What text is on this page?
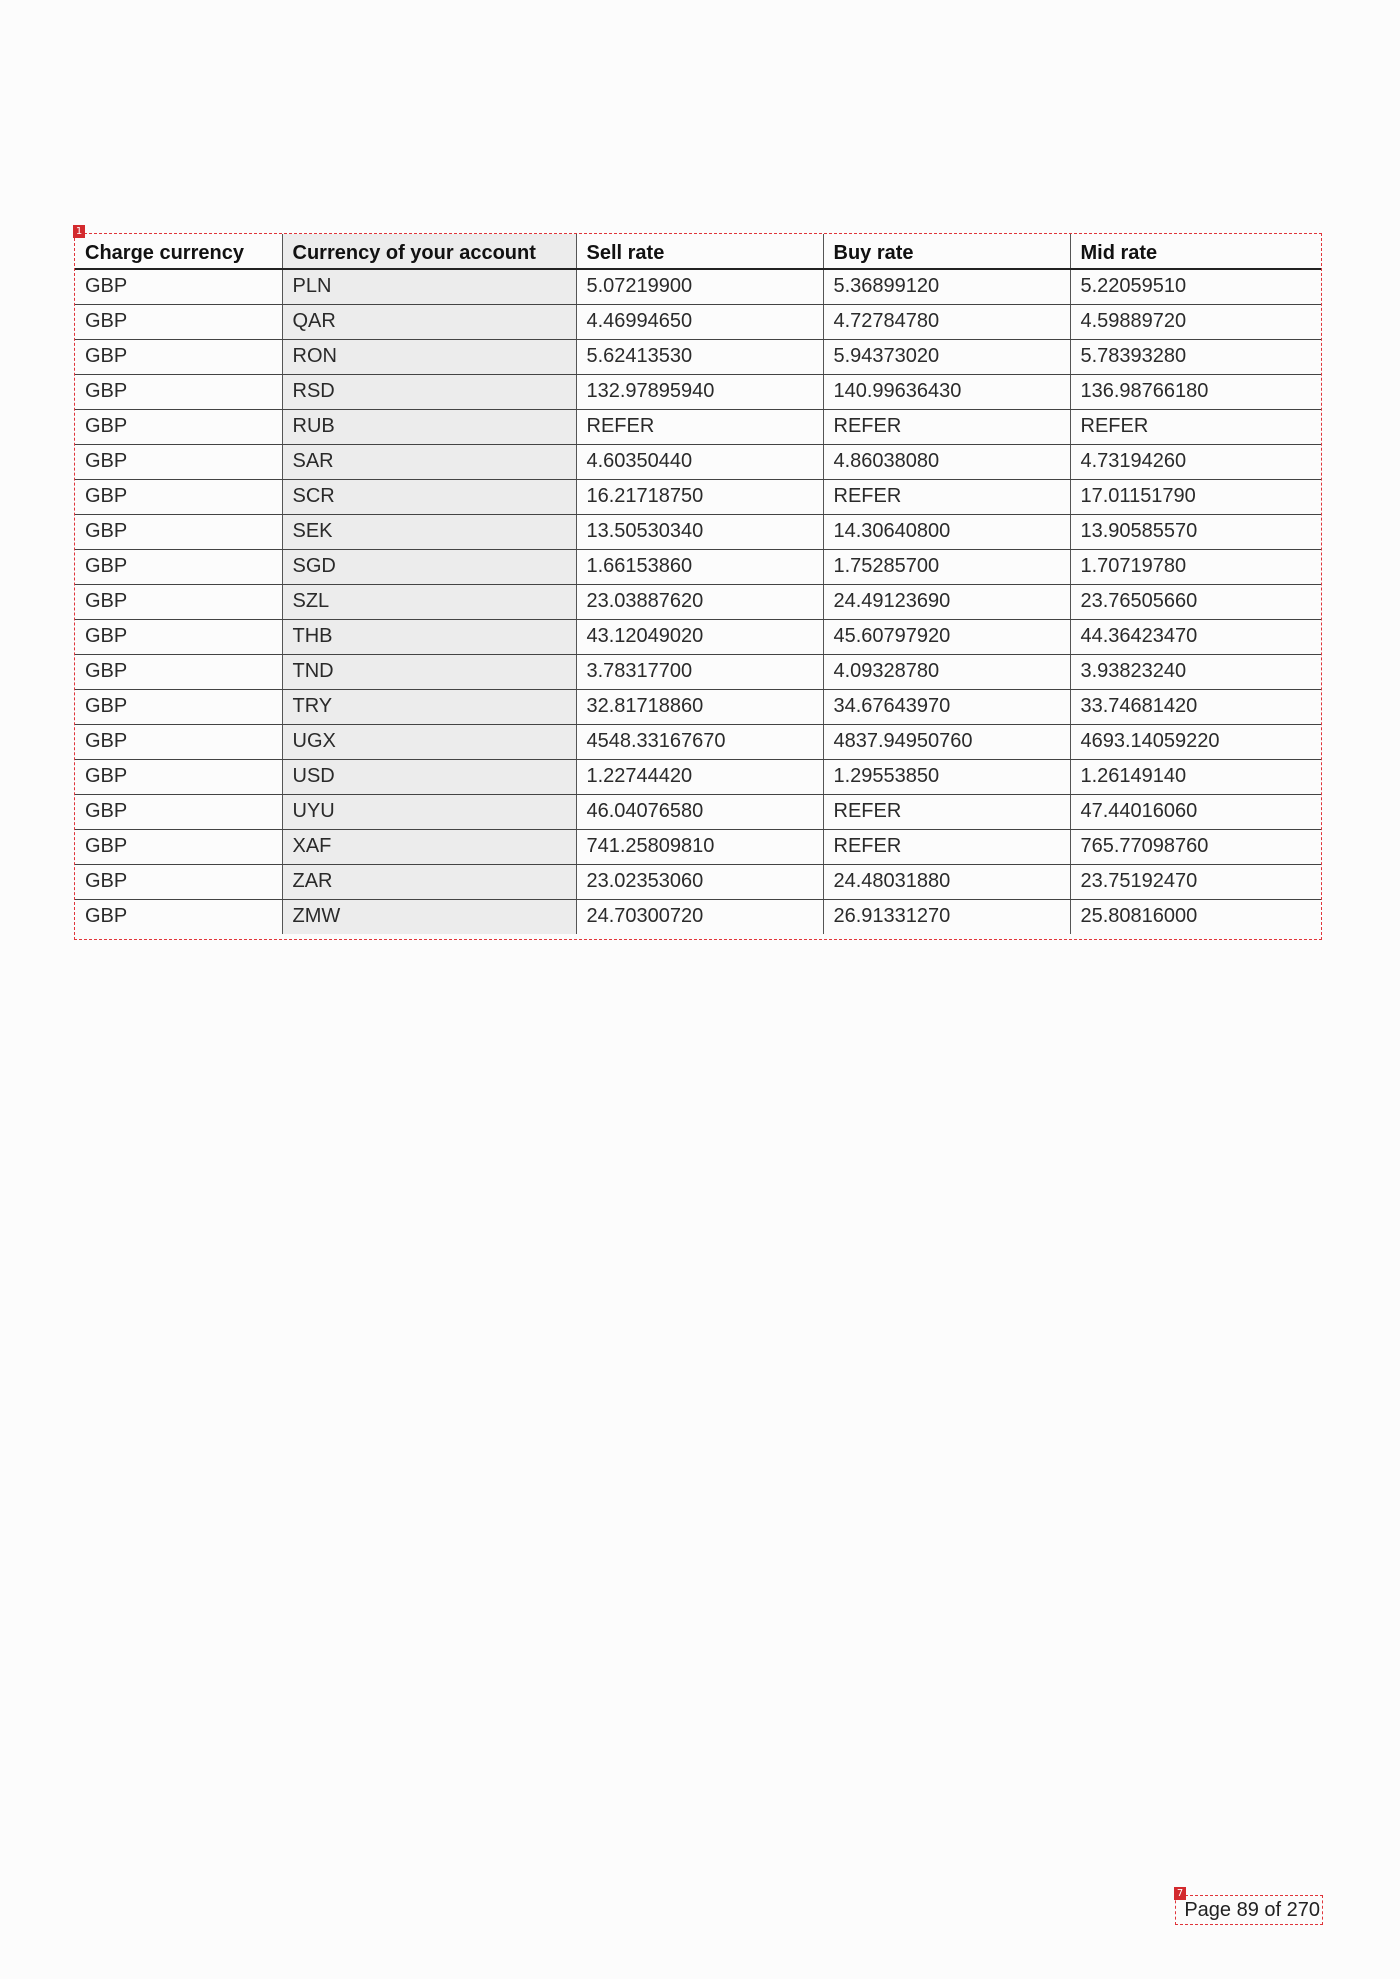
1
Charge currency	Currency of your account	Sell rate	Buy rate	Mid rate
GBP	PLN	5.07219900	5.36899120	5.22059510
GBP	QAR	4.46994650	4.72784780	4.59889720
GBP	RON	5.62413530	5.94373020	5.78393280
GBP	RSD	132.97895940	140.99636430	136.98766180
GBP	RUB	REFER	REFER	REFER
GBP	SAR	4.60350440	4.86038080	4.73194260
GBP	SCR	16.21718750	REFER	17.01151790
GBP	SEK	13.50530340	14.30640800	13.90585570
GBP	SGD	1.66153860	1.75285700	1.70719780
GBP	SZL	23.03887620	24.49123690	23.76505660
GBP	THB	43.12049020	45.60797920	44.36423470
GBP	TND	3.78317700	4.09328780	3.93823240
GBP	TRY	32.81718860	34.67643970	33.74681420
GBP	UGX	4548.33167670	4837.94950760	4693.14059220
GBP	USD	1.22744420	1.29553850	1.26149140
GBP	UYU	46.04076580	REFER	47.44016060
GBP	XAF	741.25809810	REFER	765.77098760
GBP	ZAR	23.02353060	24.48031880	23.75192470
GBP	ZMW	24.70300720	26.91331270	25.80816000
7
Page 89 of 270
